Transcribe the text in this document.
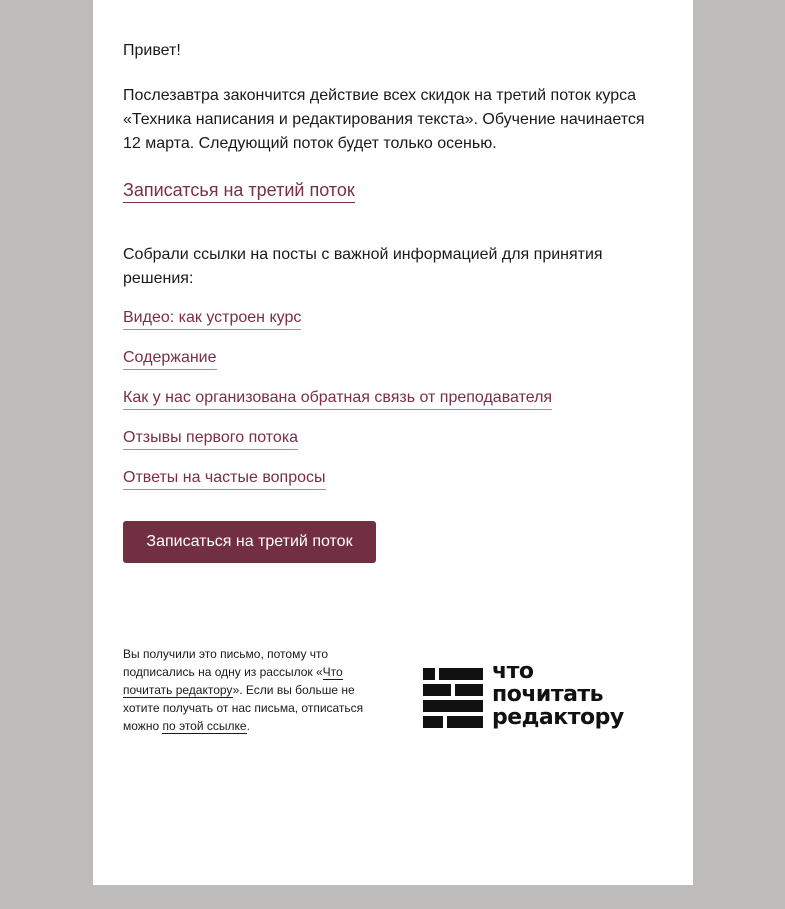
Привет!

Послезавтра закончится действие всех скидок на третий поток курса «Техника написания и редактирования текста». Обучение начинается 12 марта. Следующий поток будет только осенью.

Записатсья на третий поток

Собрали ссылки на посты с важной информацией для принятия решения:

Видео: как устроен курс
Содержание
Как у нас организована обратная связь от преподавателя
Отзывы первого потока
Ответы на частые вопросы
Записаться на третий поток

Вы получили это письмо, потому что подписались на одну из рассылок «Что почитать редактору». Если вы больше не хотите получать от нас письма, отписаться можно по этой ссылке.

что
почитать
редактору
